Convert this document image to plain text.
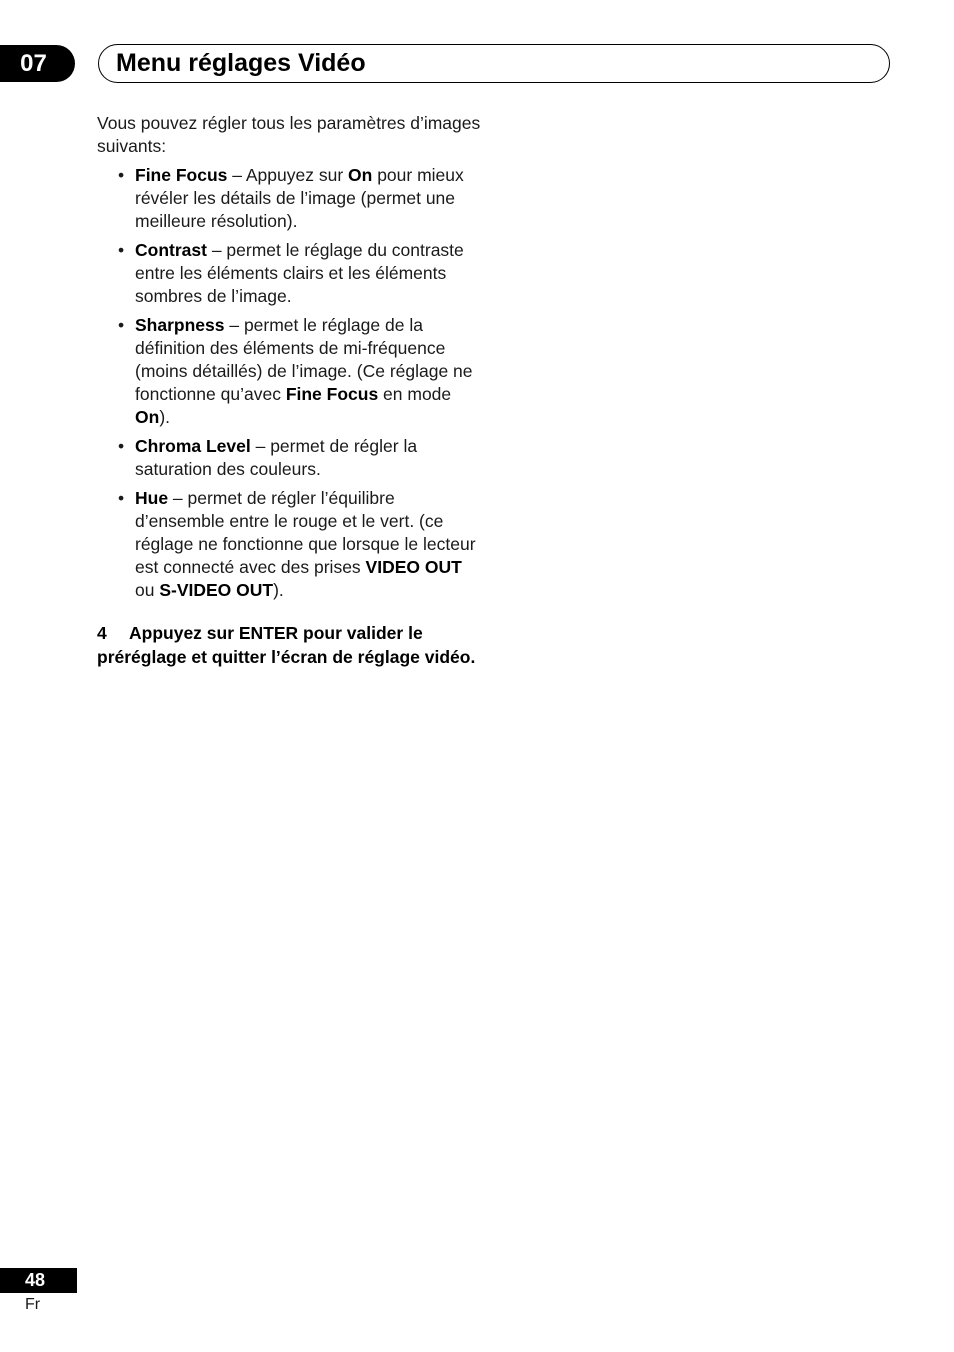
07	Menu réglages Vidéo

Vous pouvez régler tous les paramètres d’images suivants:

• Fine Focus – Appuyez sur On pour mieux révéler les détails de l’image (permet une meilleure résolution).
• Contrast – permet le réglage du contraste entre les éléments clairs et les éléments sombres de l’image.
• Sharpness – permet le réglage de la définition des éléments de mi-fréquence (moins détaillés) de l’image. (Ce réglage ne fonctionne qu’avec Fine Focus en mode On).
• Chroma Level – permet de régler la saturation des couleurs.
• Hue – permet de régler l’équilibre d’ensemble entre le rouge et le vert. (ce réglage ne fonctionne que lorsque le lecteur est connecté avec des prises VIDEO OUT ou S-VIDEO OUT).
4 Appuyez sur ENTER pour valider le préréglage et quitter l’écran de réglage vidéo.
48
Fr
